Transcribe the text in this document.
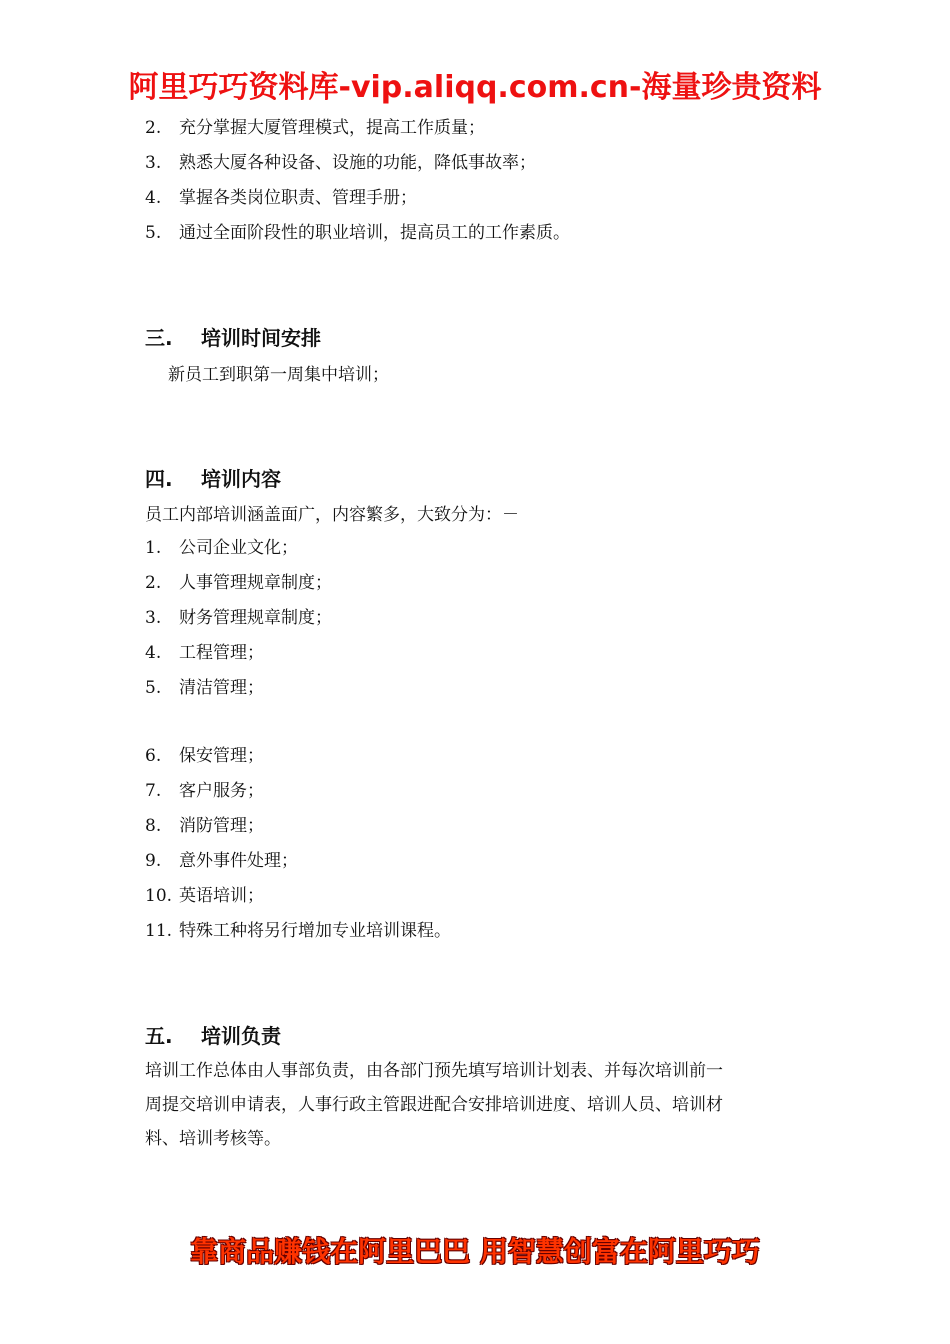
阿里巧巧资料库-vip.aliqq.com.cn-海量珍贵资料
2. 充分掌握大厦管理模式，提高工作质量；
3. 熟悉大厦各种设备、设施的功能，降低事故率；
4. 掌握各类岗位职责、管理手册；
5. 通过全面阶段性的职业培训，提高员工的工作素质。
三. 培训时间安排
新员工到职第一周集中培训；
四. 培训内容
员工内部培训涵盖面广，内容繁多，大致分为：－
1. 公司企业文化；
2. 人事管理规章制度；
3. 财务管理规章制度；
4. 工程管理；
5. 清洁管理；
6. 保安管理；
7. 客户服务；
8. 消防管理；
9. 意外事件处理；
10. 英语培训；
11. 特殊工种将另行增加专业培训课程。
五. 培训负责
培训工作总体由人事部负责，由各部门预先填写培训计划表、并每次培训前一
周提交培训申请表，人事行政主管跟进配合安排培训进度、培训人员、培训材
料、培训考核等。
靠商品赚钱在阿里巴巴 用智慧创富在阿里巧巧
